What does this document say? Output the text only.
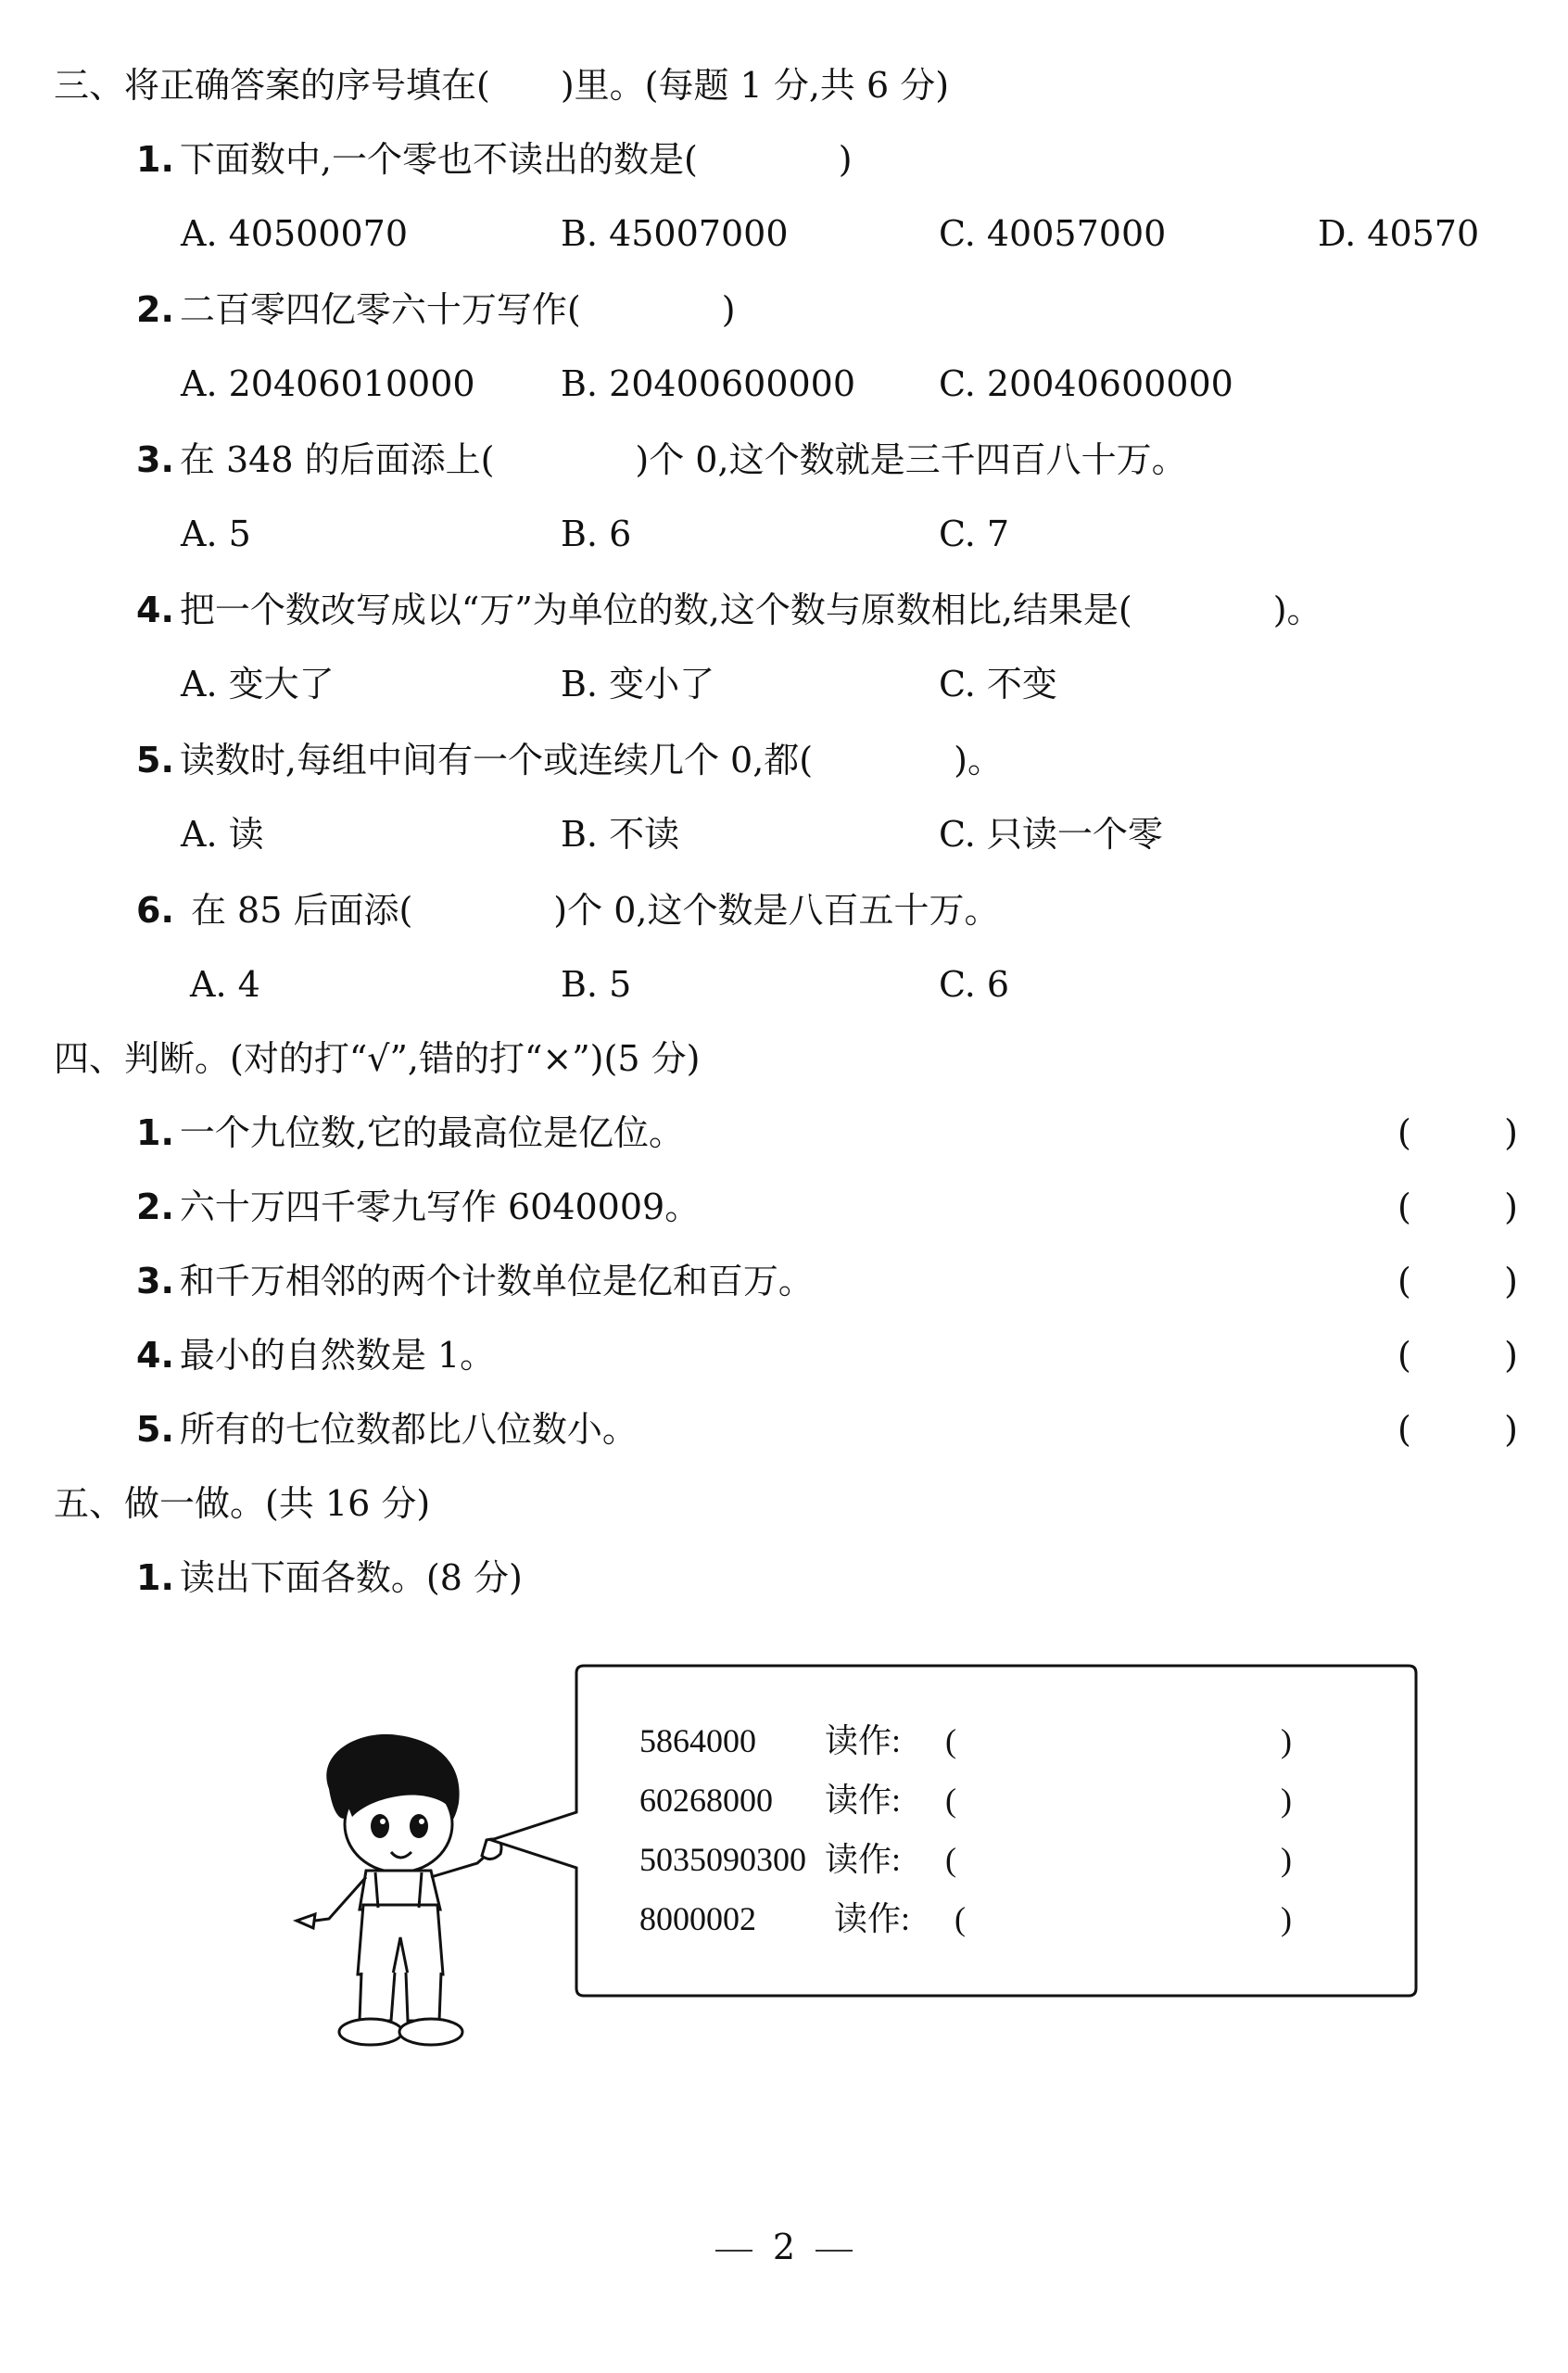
三、将正确答案的序号填在(　　)里。(每题 1 分,共 6 分)
1. 下面数中,一个零也不读出的数是(　　　　)
A. 40500070	B. 45007000	C. 40057000	D. 40570
2. 二百零四亿零六十万写作(　　　　)
A. 20406010000 B. 20400600000 C. 20040600000
3. 在 348 的后面添上(　　　　)个 0,这个数就是三千四百八十万。
A. 5	B. 6	C. 7
4. 把一个数改写成以“万”为单位的数,这个数与原数相比,结果是(　　　　)。
A. 变大了	B. 变小了	C. 不变
5. 读数时,每组中间有一个或连续几个 0,都(　　　　)。
A. 读	B. 不读	C. 只读一个零
6. 在 85 后面添(　　　　)个 0,这个数是八百五十万。
A. 4	B. 5	C. 6
四、判断。(对的打“√”,错的打“×”)(5 分)
1. 一个九位数,它的最高位是亿位。	(	)
2. 六十万四千零九写作 6040009。	(	)
3. 和千万相邻的两个计数单位是亿和百万。	(	)
4. 最小的自然数是 1。	(	)
5. 所有的七位数都比八位数小。	(	)
五、做一做。(共 16 分)
1. 读出下面各数。(8 分)
5864000 读作: (	)
60268000 读作: (	)
5035090300 读作: (	)
8000002 读作: (	)
2
